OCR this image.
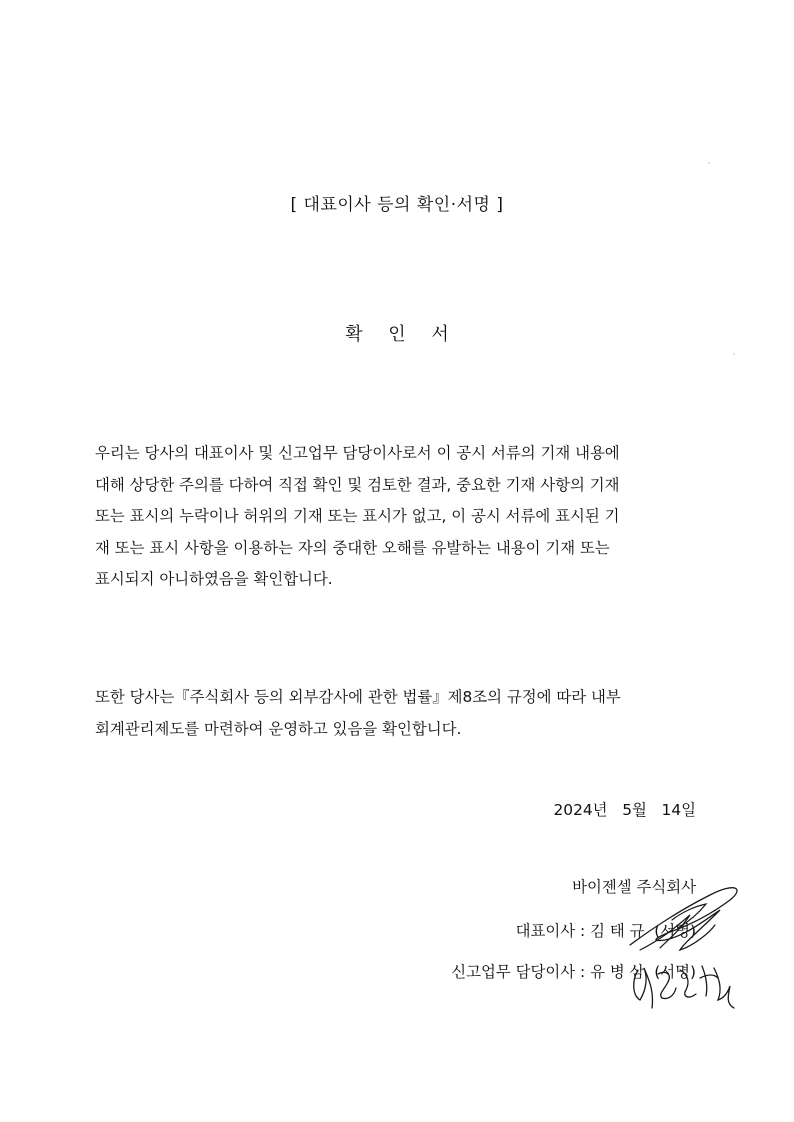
[ 대표이사 등의 확인·서명 ]
확 인 서
우리는 당사의 대표이사 및 신고업무 담당이사로서 이 공시 서류의 기재 내용에
대해 상당한 주의를 다하여 직접 확인 및 검토한 결과, 중요한 기재 사항의 기재
또는 표시의 누락이나 허위의 기재 또는 표시가 없고, 이 공시 서류에 표시된 기
재 또는 표시 사항을 이용하는 자의 중대한 오해를 유발하는 내용이 기재 또는
표시되지 아니하였음을 확인합니다.
또한 당사는『주식회사 등의 외부감사에 관한 법률』제8조의 규정에 따라 내부
회계관리제도를 마련하여 운영하고 있음을 확인합니다.
2024년   5월   14일
바이젠셀 주식회사
대표이사 : 김 태 규  (서명)
신고업무 담당이사 : 유 병 삼  (서명)
